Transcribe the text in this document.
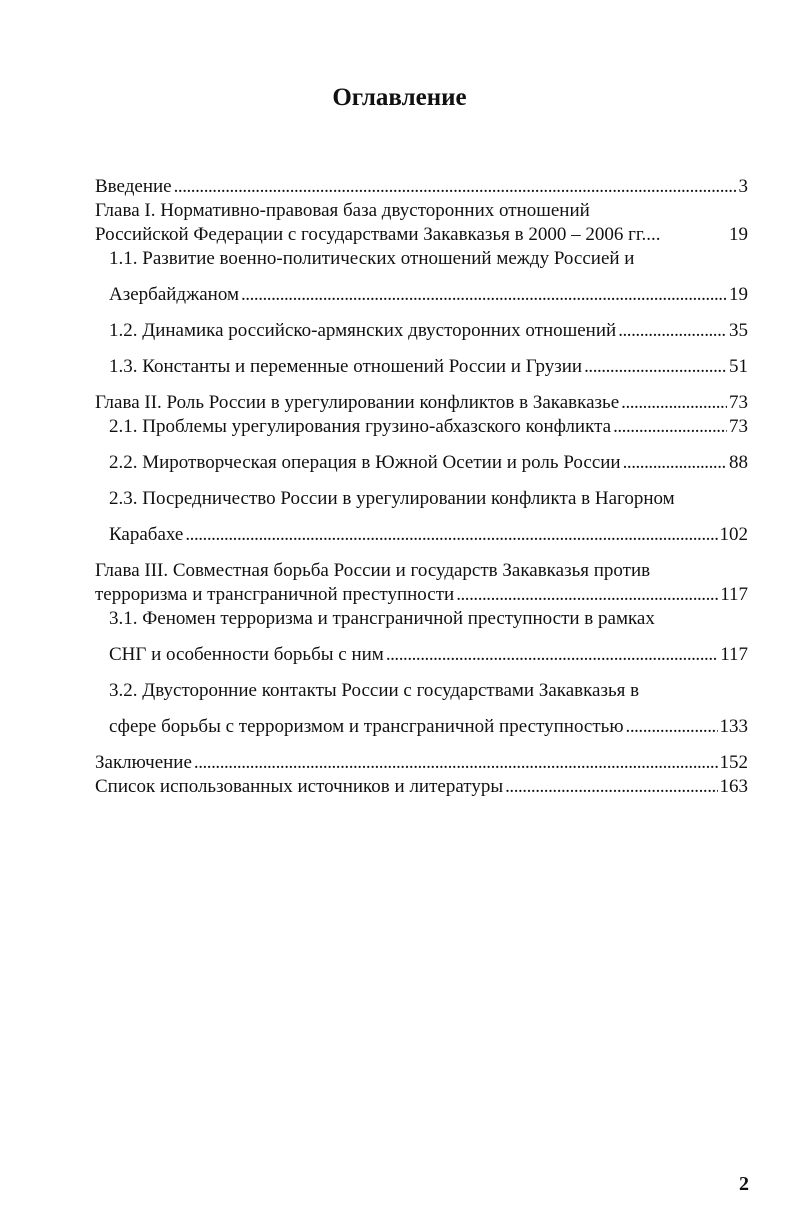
Оглавление
Введение . . .	3
Глава I. Нормативно-правовая база двусторонних отношений
Российской Федерации с государствами Закавказья в 2000 – 2006 гг....	19
1.1. Развитие военно-политических отношений между Россией и
Азербайджаном . . .	19
1.2. Динамика российско-армянских двусторонних отношений . . .	35
1.3. Константы и переменные отношений России и Грузии . . .	51
Глава II. Роль России в урегулировании конфликтов в Закавказье . . .	73
2.1. Проблемы урегулирования грузино-абхазского конфликта . . .	73
2.2. Миротворческая операция в Южной Осетии и роль России . . .	88
2.3. Посредничество России в урегулировании конфликта в Нагорном
Карабахе . . .	102
Глава III. Совместная борьба России и государств Закавказья против
терроризма и трансграничной преступности . . .	117
3.1. Феномен терроризма и трансграничной преступности в рамках
СНГ и особенности борьбы с ним . . .	117
3.2. Двусторонние контакты России с государствами Закавказья в
сфере борьбы с терроризмом и трансграничной преступностью . . .	133
Заключение . . .	152
Список использованных источников и литературы . . .	163
2
